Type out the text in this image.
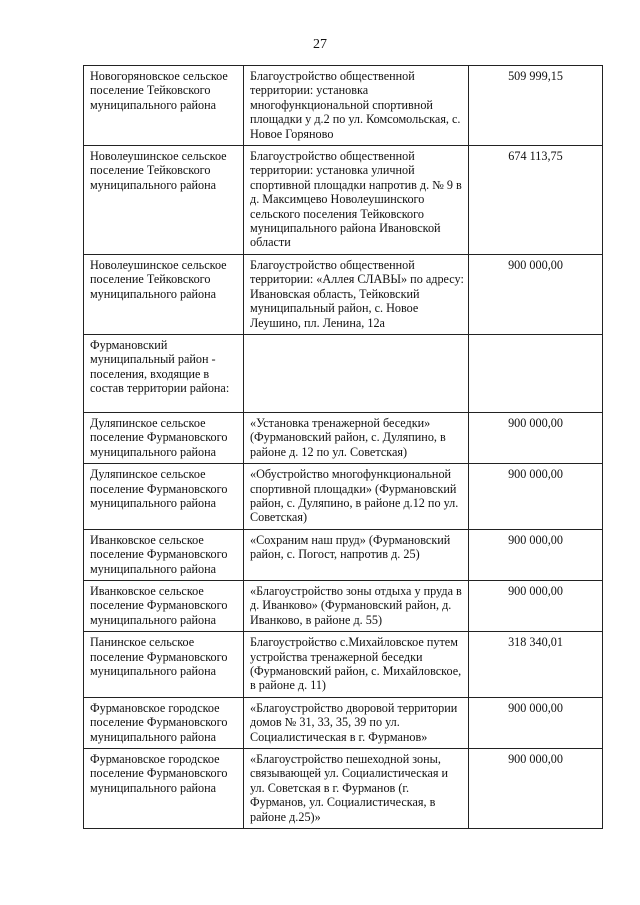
27
Новогоряновское сельское поселение Тейковского муниципального района	Благоустройство общественной территории: установка многофункциональной спортивной площадки у д.2 по ул. Комсомольская, с. Новое Горяново	509 999,15
Новолеушинское сельское поселение Тейковского муниципального района	Благоустройство общественной территории: установка уличной спортивной площадки напротив д. № 9 в д. Максимцево Новолеушинского сельского поселения Тейковского муниципального района Ивановской области	674 113,75
Новолеушинское сельское поселение Тейковского муниципального района	Благоустройство общественной территории: «Аллея СЛАВЫ» по адресу: Ивановская область, Тейковский муниципальный район, с. Новое Леушино, пл. Ленина, 12а	900 000,00
Фурмановский муниципальный район - поселения, входящие в состав территории района:		
Дуляпинское сельское поселение Фурмановского муниципального района	«Установка тренажерной беседки» (Фурмановский район, с. Дуляпино, в районе д. 12 по ул. Советская)	900 000,00
Дуляпинское сельское поселение Фурмановского муниципального района	«Обустройство многофункциональной спортивной площадки» (Фурмановский район, с. Дуляпино, в районе д.12 по ул. Советская)	900 000,00
Иванковское сельское поселение Фурмановского муниципального района	«Сохраним наш пруд» (Фурмановский район, с. Погост, напротив д. 25)	900 000,00
Иванковское сельское поселение Фурмановского муниципального района	«Благоустройство зоны отдыха у пруда в д. Иванково» (Фурмановский район, д. Иванково, в районе д. 55)	900 000,00
Панинское сельское поселение Фурмановского муниципального района	Благоустройство с.Михайловское путем устройства тренажерной беседки (Фурмановский район, с. Михайловское, в районе д. 11)	318 340,01
Фурмановское городское поселение Фурмановского муниципального района	«Благоустройство дворовой территории домов № 31, 33, 35, 39 по ул. Социалистическая в г. Фурманов»	900 000,00
Фурмановское городское поселение Фурмановского муниципального района	«Благоустройство пешеходной зоны, связывающей ул. Социалистическая и ул. Советская в г. Фурманов (г. Фурманов, ул. Социалистическая, в районе д.25)»	900 000,00
